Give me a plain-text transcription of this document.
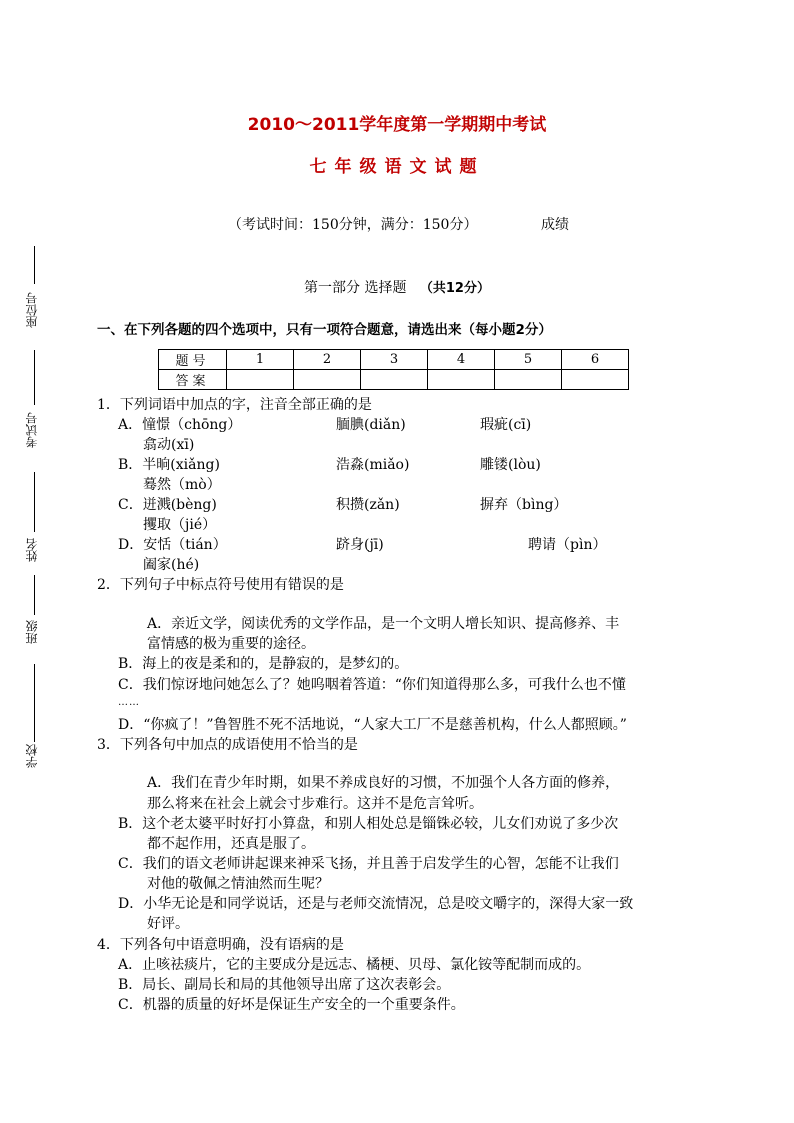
座位号
考试号
姓名
班级
学校
2010～2011学年度第一学期期中考试
七年级语文试题
（考试时间：150分钟，满分：150分）	成绩
第一部分 选择题 （共12分）
一、在下列各题的四个选项中，只有一项符合题意，请选出来（每小题2分）
题号	1	2	3	4	5	6
答案						
1．下列词语中加点的字，注音全部正确的是
A．憧憬（chōng）	腼腆(diǎn)	瑕疵(cī)
翕动(xī)
B．半晌(xiǎng)	浩淼(miǎo)	雕镂(lòu)
蓦然（mò）
C．迸溅(bèng)	积攒(zǎn)	摒弃（bìng）
攫取（jié）
D．安恬（tián）	跻身(jī)	聘请（pìn）
阖家(hé)
2．下列句子中标点符号使用有错误的是
A．亲近文学，阅读优秀的文学作品，是一个文明人增长知识、提高修养、丰
富情感的极为重要的途径。
B．海上的夜是柔和的，是静寂的，是梦幻的。
C．我们惊讶地问她怎么了？她呜咽着答道：“你们知道得那么多，可我什么也不懂
……
D．“你疯了！”鲁智胜不死不活地说，“人家大工厂不是慈善机构，什么人都照顾。”
3．下列各句中加点的成语使用不恰当的是
A．我们在青少年时期，如果不养成良好的习惯，不加强个人各方面的修养，
那么将来在社会上就会寸步难行。这并不是危言耸听。
B．这个老太婆平时好打小算盘，和别人相处总是锱铢必较，儿女们劝说了多少次
都不起作用，还真是服了。
C．我们的语文老师讲起课来神采飞扬，并且善于启发学生的心智，怎能不让我们
对他的敬佩之情油然而生呢？
D．小华无论是和同学说话，还是与老师交流情况，总是咬文嚼字的，深得大家一致
好评。
4．下列各句中语意明确，没有语病的是
A．止咳祛痰片，它的主要成分是远志、橘梗、贝母、氯化铵等配制而成的。
B．局长、副局长和局的其他领导出席了这次表彰会。
C．机器的质量的好坏是保证生产安全的一个重要条件。
